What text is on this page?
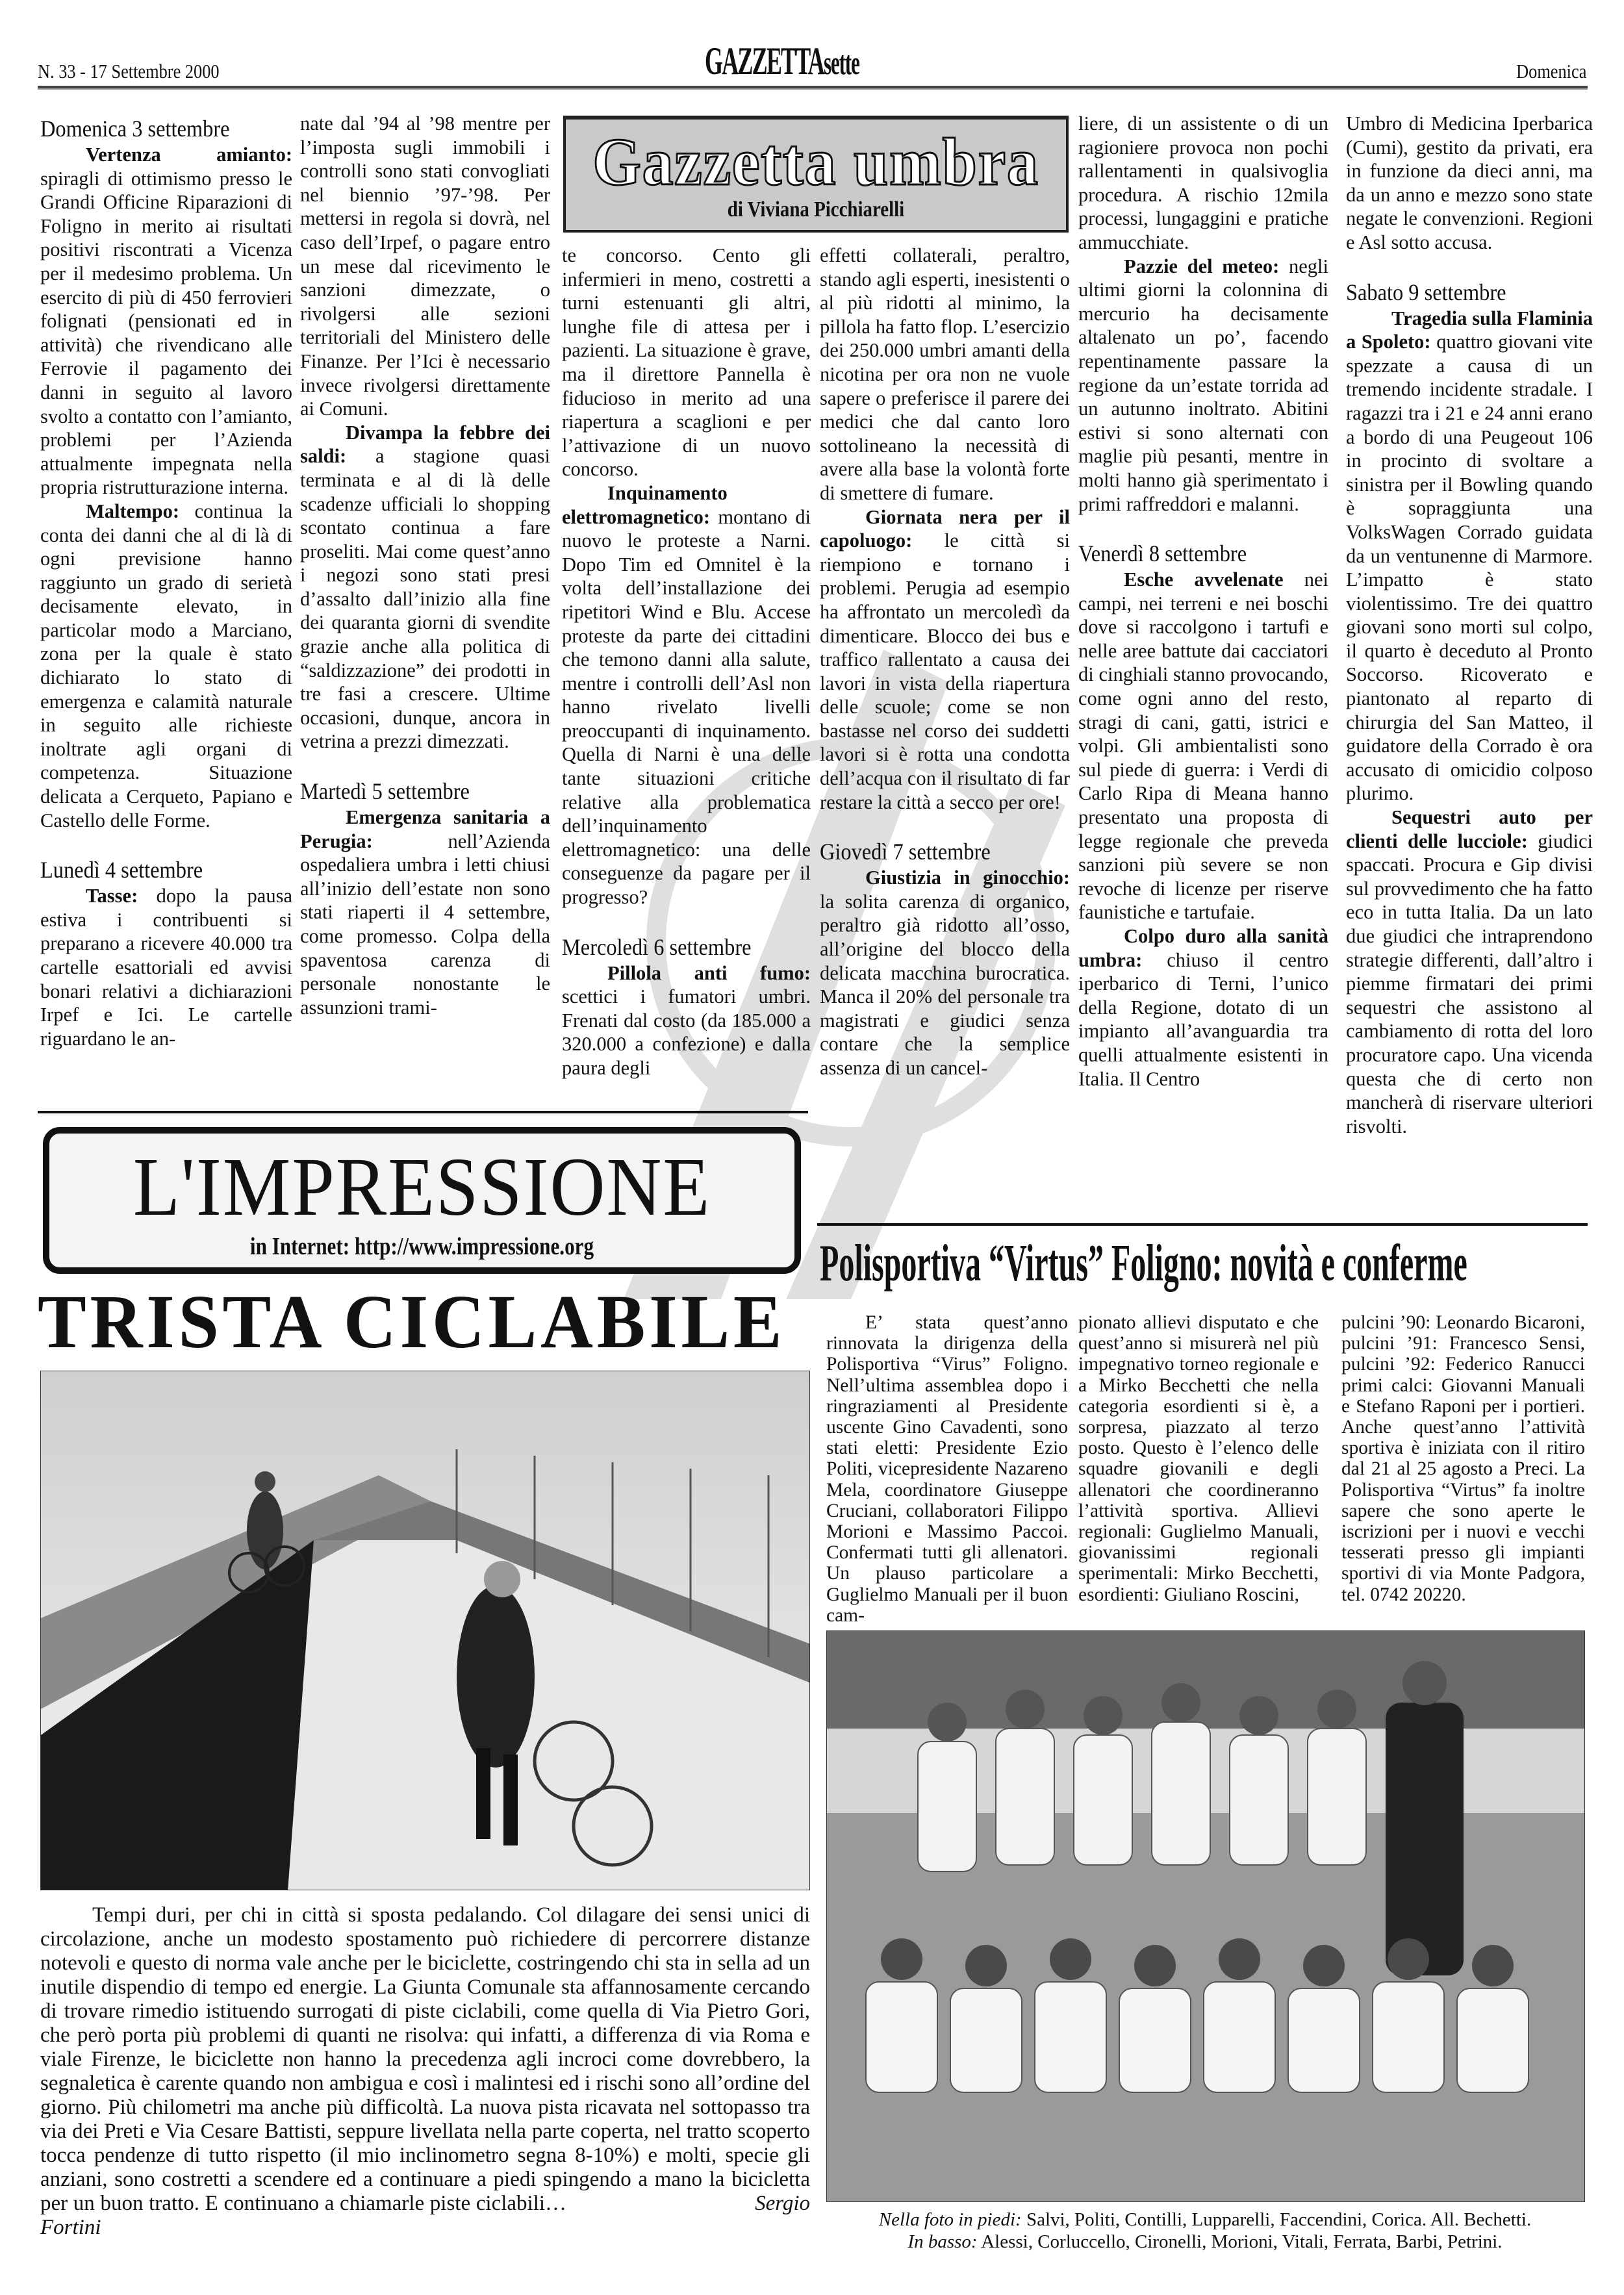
N. 33 - 17 Settembre 2000	GAZZETTAsette	Domenica
Gazzetta umbra
di Viviana Picchiarelli
Domenica 3 settembre

Vertenza amianto: spiragli di ottimismo presso le Grandi Officine Riparazioni di Foligno in merito ai risultati positivi riscontrati a Vicenza per il medesimo problema. Un esercito di più di 450 ferrovieri folignati (pensionati ed in attività) che rivendicano alle Ferrovie il pagamento dei danni in seguito al lavoro svolto a contatto con l’amianto, problemi per l’Azienda attualmente impegnata nella propria ristrutturazione interna.

Maltempo: continua la conta dei danni che al di là di ogni previsione hanno raggiunto un grado di serietà decisamente elevato, in particolar modo a Marciano, zona per la quale è stato dichiarato lo stato di emergenza e calamità naturale in seguito alle richieste inoltrate agli organi di competenza. Situazione delicata a Cerqueto, Papiano e Castello delle Forme.

Lunedì 4 settembre

Tasse: dopo la pausa estiva i contribuenti si preparano a ricevere 40.000 tra cartelle esattoriali ed avvisi bonari relativi a dichiarazioni Irpef e Ici. Le cartelle riguardano le an-

nate dal ’94 al ’98 mentre per l’imposta sugli immobili i controlli sono stati convogliati nel biennio ’97-’98. Per mettersi in regola si dovrà, nel caso dell’Irpef, o pagare entro un mese dal ricevimento le sanzioni dimezzate, o rivolgersi alle sezioni territoriali del Ministero delle Finanze. Per l’Ici è necessario invece rivolgersi direttamente ai Comuni.

Divampa la febbre dei saldi: a stagione quasi terminata e al di là delle scadenze ufficiali lo shopping scontato continua a fare proseliti. Mai come quest’anno i negozi sono stati presi d’assalto dall’inizio alla fine dei quaranta giorni di svendite grazie anche alla politica di “saldizzazione” dei prodotti in tre fasi a crescere. Ultime occasioni, dunque, ancora in vetrina a prezzi dimezzati.

Martedì 5 settembre

Emergenza sanitaria a Perugia: nell’Azienda ospedaliera umbra i letti chiusi all’inizio dell’estate non sono stati riaperti il 4 settembre, come promesso. Colpa della spaventosa carenza di personale nonostante le assunzioni trami-

te concorso. Cento gli infermieri in meno, costretti a turni estenuanti gli altri, lunghe file di attesa per i pazienti. La situazione è grave, ma il direttore Pannella è fiducioso in merito ad una riapertura a scaglioni e per l’attivazione di un nuovo concorso.

Inquinamento elettromagnetico: montano di nuovo le proteste a Narni. Dopo Tim ed Omnitel è la volta dell’installazione dei ripetitori Wind e Blu. Accese proteste da parte dei cittadini che temono danni alla salute, mentre i controlli dell’Asl non hanno rivelato livelli preoccupanti di inquinamento. Quella di Narni è una delle tante situazioni critiche relative alla problematica dell’inquinamento elettromagnetico: una delle conseguenze da pagare per il progresso?

Mercoledì 6 settembre

Pillola anti fumo: scettici i fumatori umbri. Frenati dal costo (da 185.000 a 320.000 a confezione) e dalla paura degli

effetti collaterali, peraltro, stando agli esperti, inesistenti o al più ridotti al minimo, la pillola ha fatto flop. L’esercizio dei 250.000 umbri amanti della nicotina per ora non ne vuole sapere o preferisce il parere dei medici che dal canto loro sottolineano la necessità di avere alla base la volontà forte di smettere di fumare.

Giornata nera per il capoluogo: le città si riempiono e tornano i problemi. Perugia ad esempio ha affrontato un mercoledì da dimenticare. Blocco dei bus e traffico rallentato a causa dei lavori in vista della riapertura delle scuole; come se non bastasse nel corso dei suddetti lavori si è rotta una condotta dell’acqua con il risultato di far restare la città a secco per ore!

Giovedì 7 settembre

Giustizia in ginocchio: la solita carenza di organico, peraltro già ridotto all’osso, all’origine del blocco della delicata macchina burocratica. Manca il 20% del personale tra magistrati e giudici senza contare che la semplice assenza di un cancel-

liere, di un assistente o di un ragioniere provoca non pochi rallentamenti in qualsivoglia procedura. A rischio 12mila processi, lungaggini e pratiche ammucchiate.

Pazzie del meteo: negli ultimi giorni la colonnina di mercurio ha decisamente altalenato un po’, facendo repentinamente passare la regione da un’estate torrida ad un autunno inoltrato. Abitini estivi si sono alternati con maglie più pesanti, mentre in molti hanno già sperimentato i primi raffreddori e malanni.

Venerdì 8 settembre

Esche avvelenate nei campi, nei terreni e nei boschi dove si raccolgono i tartufi e nelle aree battute dai cacciatori di cinghiali stanno provocando, come ogni anno del resto, stragi di cani, gatti, istrici e volpi. Gli ambientalisti sono sul piede di guerra: i Verdi di Carlo Ripa di Meana hanno presentato una proposta di legge regionale che preveda sanzioni più severe se non revoche di licenze per riserve faunistiche e tartufaie.

Colpo duro alla sanità umbra: chiuso il centro iperbarico di Terni, l’unico della Regione, dotato di un impianto all’avanguardia tra quelli attualmente esistenti in Italia. Il Centro

Umbro di Medicina Iperbarica (Cumi), gestito da privati, era in funzione da dieci anni, ma da un anno e mezzo sono state negate le convenzioni. Regioni e Asl sotto accusa.

Sabato 9 settembre

Tragedia sulla Flaminia a Spoleto: quattro giovani vite spezzate a causa di un tremendo incidente stradale. I ragazzi tra i 21 e 24 anni erano a bordo di una Peugeout 106 in procinto di svoltare a sinistra per il Bowling quando è sopraggiunta una VolksWagen Corrado guidata da un ventunenne di Marmore. L’impatto è stato violentissimo. Tre dei quattro giovani sono morti sul colpo, il quarto è deceduto al Pronto Soccorso. Ricoverato e piantonato al reparto di chirurgia del San Matteo, il guidatore della Corrado è ora accusato di omicidio colposo plurimo.

Sequestri auto per clienti delle lucciole: giudici spaccati. Procura e Gip divisi sul provvedimento che ha fatto eco in tutta Italia. Da un lato due giudici che intraprendono strategie differenti, dall’altro i piemme firmatari dei primi sequestri che assistono al cambiamento di rotta del loro procuratore capo. Una vicenda questa che di certo non mancherà di riservare ulteriori risvolti.

L'IMPRESSIONE
in Internet: http://www.impressione.org
TRISTA CICLABILE

Tempi duri, per chi in città si sposta pedalando. Col dilagare dei sensi unici di circolazione, anche un modesto spostamento può richiedere di percorrere distanze notevoli e questo di norma vale anche per le biciclette, costringendo chi sta in sella ad un inutile dispendio di tempo ed energie. La Giunta Comunale sta affannosamente cercando di trovare rimedio istituendo surrogati di piste ciclabili, come quella di Via Pietro Gori, che però porta più problemi di quanti ne risolva: qui infatti, a differenza di via Roma e viale Firenze, le biciclette non hanno la precedenza agli incroci come dovrebbero, la segnaletica è carente quando non ambigua e così i malintesi ed i rischi sono all’ordine del giorno. Più chilometri ma anche più difficoltà. La nuova pista ricavata nel sottopasso tra via dei Preti e Via Cesare Battisti, seppure livellata nella parte coperta, nel tratto scoperto tocca pendenze di tutto rispetto (il mio inclinometro segna 8-10%) e molti, specie gli anziani, sono costretti a scendere ed a continuare a piedi spingendo a mano la bicicletta per un buon tratto. E continuano a chiamarle piste ciclabili…	Sergio Fortini

Polisportiva “Virtus” Foligno: novità e conferme

E’ stata quest’anno rinnovata la dirigenza della Polisportiva “Virus” Foligno. Nell’ultima assemblea dopo i ringraziamenti al Presidente uscente Gino Cavadenti, sono stati eletti: Presidente Ezio Politi, vicepresidente Nazareno Mela, coordinatore Giuseppe Cruciani, collaboratori Filippo Morioni e Massimo Paccoi. Confermati tutti gli allenatori. Un plauso particolare a Guglielmo Manuali per il buon cam-

pionato allievi disputato e che quest’anno si misurerà nel più impegnativo torneo regionale e a Mirko Becchetti che nella categoria esordienti si è, a sorpresa, piazzato al terzo posto. Questo è l’elenco delle squadre giovanili e degli allenatori che coordineranno l’attività sportiva. Allievi regionali: Guglielmo Manuali, giovanissimi regionali sperimentali: Mirko Becchetti, esordienti: Giuliano Roscini,

pulcini ’90: Leonardo Bicaroni, pulcini ’91: Francesco Sensi, pulcini ’92: Federico Ranucci primi calci: Giovanni Manuali e Stefano Raponi per i portieri. Anche quest’anno l’attività sportiva è iniziata con il ritiro dal 21 al 25 agosto a Preci. La Polisportiva “Virtus” fa inoltre sapere che sono aperte le iscrizioni per i nuovi e vecchi tesserati presso gli impianti sportivi di via Monte Padgora, tel. 0742 20220.

Nella foto in piedi: Salvi, Politi, Contilli, Lupparelli, Faccendini, Corica. All. Bechetti.
In basso: Alessi, Corluccello, Cironelli, Morioni, Vitali, Ferrata, Barbi, Petrini.
